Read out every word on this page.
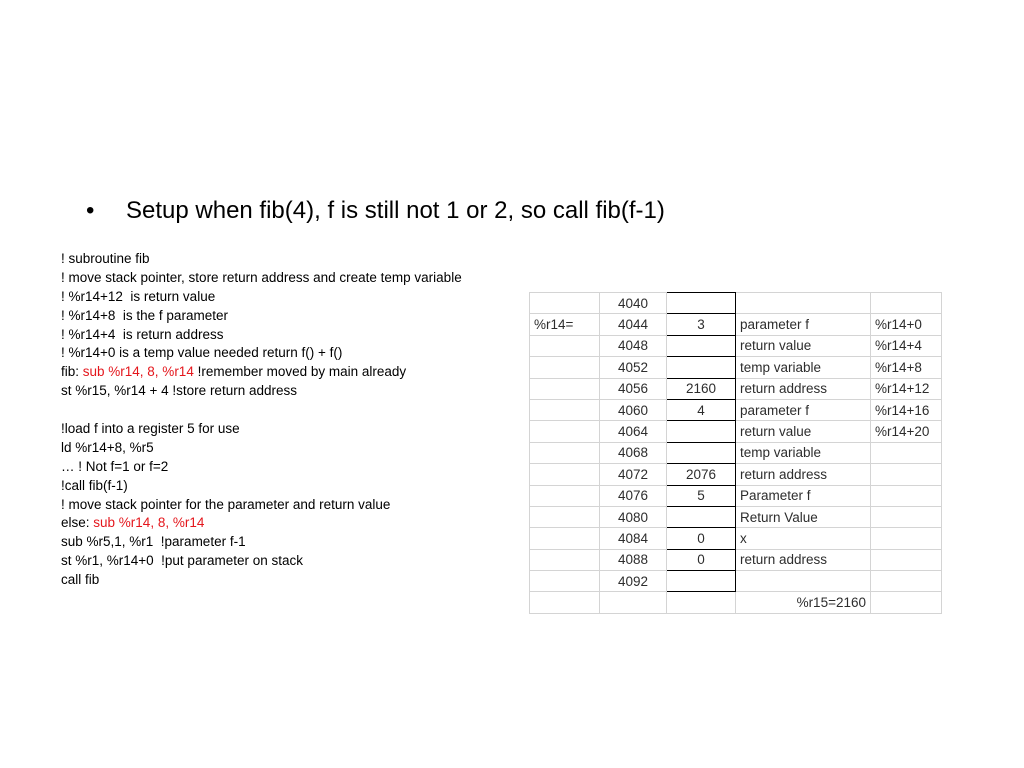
• Setup when fib(4), f is still not 1 or 2, so call fib(f-1)
! subroutine fib
! move stack pointer, store return address and create temp variable
! %r14+12  is return value
! %r14+8  is the f parameter
! %r14+4  is return address
! %r14+0 is a temp value needed return f() + f()
fib: sub %r14, 8, %r14 !remember moved by main already
st %r15, %r14 + 4 !store return address
!load f into a register 5 for use
ld %r14+8, %r5
… ! Not f=1 or f=2
!call fib(f-1)
! move stack pointer for the parameter and return value
else: sub %r14, 8, %r14
sub %r5,1, %r1  !parameter f-1
st %r1, %r14+0  !put parameter on stack
call fib
	4040			
%r14=	4044	3	parameter f	%r14+0
	4048		return value	%r14+4
	4052		temp variable	%r14+8
	4056	2160	return address	%r14+12
	4060	4	parameter f	%r14+16
	4064		return value	%r14+20
	4068		temp variable	
	4072	2076	return address	
	4076	5	Parameter f	
	4080		Return Value	
	4084	0	x	
	4088	0	return address	
	4092			
			%r15=2160	
